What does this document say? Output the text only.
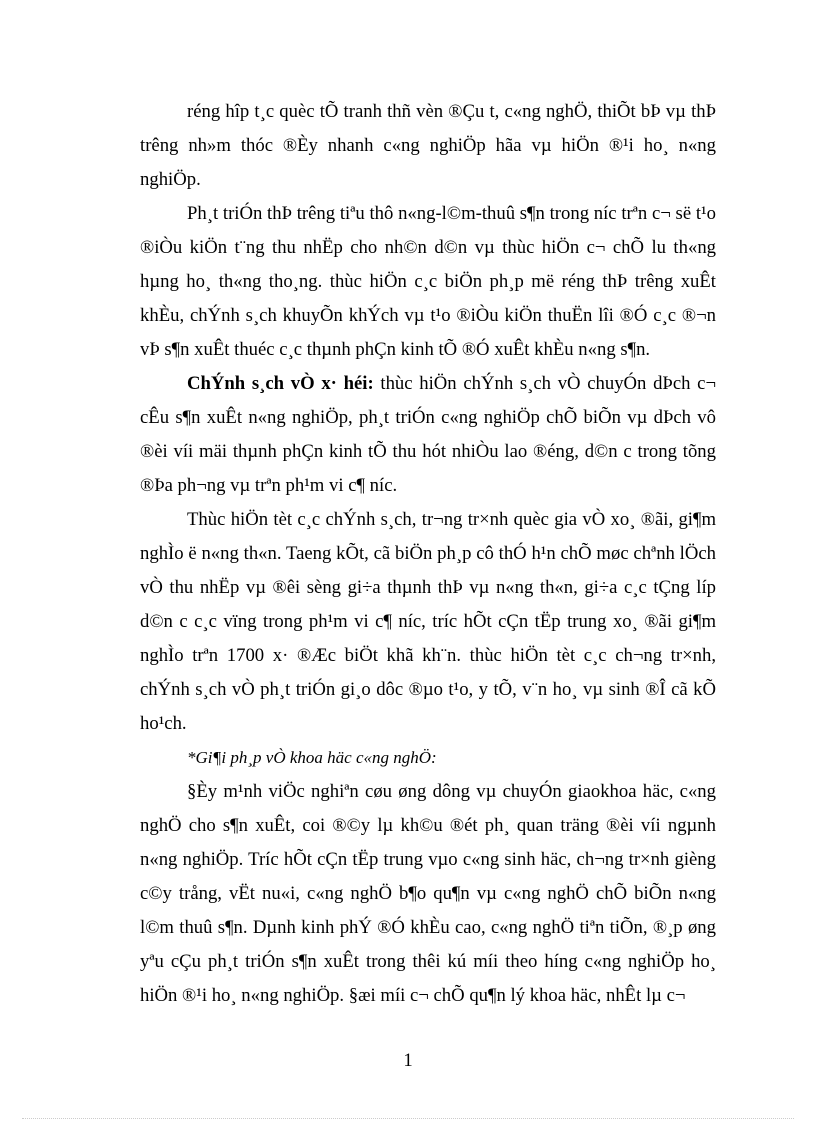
réng hîp t¸c quèc tÕ tranh thñ vèn ®Çu t, c«ng nghÖ, thiÕt bÞ vµ thÞ trêng nh»m thóc ®Èy nhanh c«ng nghiÖp hãa vµ hiÖn ®¹i ho¸ n«ng nghiÖp.

Ph¸t triÓn thÞ trêng tiªu thô n«ng-l©m-thuû s¶n trong níc trªn c¬ së t¹o ®iÒu kiÖn t¨ng thu nhËp cho nh©n d©n vµ thùc hiÖn c¬ chÕ lu th«ng hµng ho¸ th«ng tho¸ng. thùc hiÖn c¸c biÖn ph¸p më réng thÞ trêng xuÊt khÈu, chÝnh s¸ch khuyÕn khÝch vµ t¹o ®iÒu kiÖn thuËn lîi ®Ó c¸c ®¬n vÞ s¶n xuÊt thuéc c¸c thµnh phÇn kinh tÕ ®Ó xuÊt khÈu n«ng s¶n.

ChÝnh s¸ch vÒ x· héi: thùc hiÖn chÝnh s¸ch vÒ chuyÓn dÞch c¬ cÊu s¶n xuÊt n«ng nghiÖp, ph¸t triÓn c«ng nghiÖp chÕ biÕn vµ dÞch vô ®èi víi mäi thµnh phÇn kinh tÕ thu hót nhiÒu lao ®éng, d©n c trong tõng ®Þa ph¬ng vµ trªn ph¹m vi c¶ níc.

Thùc hiÖn tèt c¸c chÝnh s¸ch, tr¬ng tr×nh quèc gia vÒ xo¸ ®ãi, gi¶m nghÌo ë n«ng th«n. Taeng kÕt, cã biÖn ph¸p cô thÓ h¹n chÕ møc chªnh lÖch vÒ thu nhËp vµ ®êi sèng gi÷a thµnh thÞ vµ n«ng th«n, gi÷a c¸c tÇng líp d©n c c¸c vïng trong ph¹m vi c¶ níc, tríc hÕt cÇn tËp trung xo¸ ®ãi gi¶m nghÌo trªn 1700 x· ®Æc biÖt khã kh¨n. thùc hiÖn tèt c¸c ch¬ng tr×nh, chÝnh s¸ch vÒ ph¸t triÓn gi¸o dôc ®µo t¹o, y tÕ, v¨n ho¸ vµ sinh ®Î cã kÕ ho¹ch.

*Gi¶i ph¸p vÒ khoa häc c«ng nghÖ:

§Èy m¹nh viÖc nghiªn cøu øng dông vµ chuyÓn giaokhoa häc, c«ng nghÖ cho s¶n xuÊt, coi ®©y lµ kh©u ®ét ph¸ quan träng ®èi víi ngµnh n«ng nghiÖp. Tríc hÕt cÇn tËp trung vµo c«ng sinh häc, ch¬ng tr×nh gièng c©y trång, vËt nu«i, c«ng nghÖ b¶o qu¶n vµ c«ng nghÖ chÕ biÕn n«ng l©m thuû s¶n. Dµnh kinh phÝ ®Ó khÈu cao, c«ng nghÖ tiªn tiÕn, ®¸p øng yªu cÇu ph¸t triÓn s¶n xuÊt trong thêi kú míi theo híng c«ng nghiÖp ho¸ hiÖn ®¹i ho¸ n«ng nghiÖp. §æi míi c¬ chÕ qu¶n lý khoa häc, nhÊt lµ c¬

1
